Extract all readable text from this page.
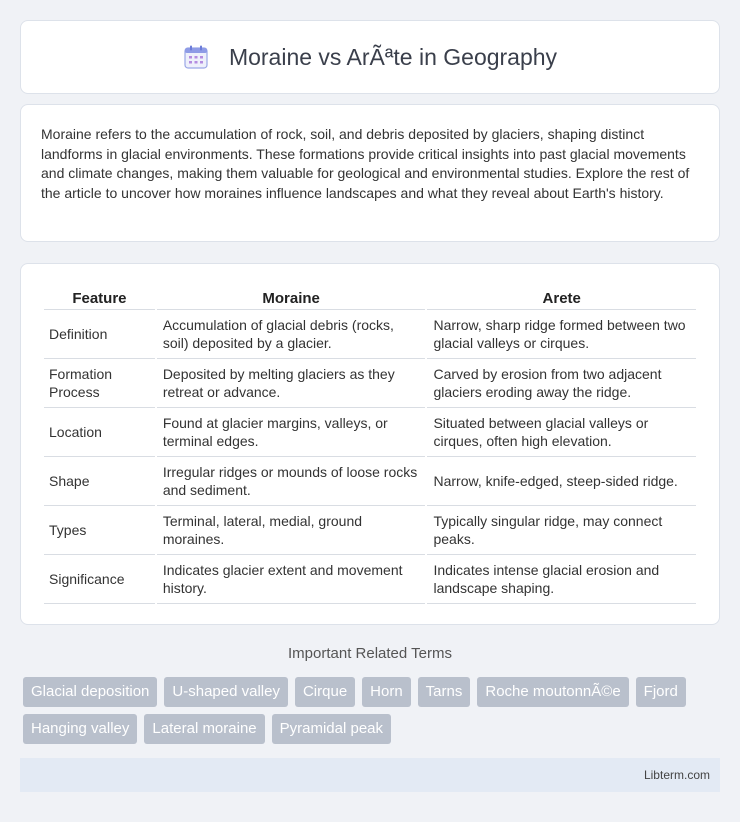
Moraine vs ArÃªte in Geography

Moraine refers to the accumulation of rock, soil, and debris deposited by glaciers, shaping distinct landforms in glacial environments. These formations provide critical insights into past glacial movements and climate changes, making them valuable for geological and environmental studies. Explore the rest of the article to uncover how moraines influence landscapes and what they reveal about Earth's history.

Feature	Moraine	Arete
Definition	Accumulation of glacial debris (rocks, soil) deposited by a glacier.	Narrow, sharp ridge formed between two glacial valleys or cirques.
Formation Process	Deposited by melting glaciers as they retreat or advance.	Carved by erosion from two adjacent glaciers eroding away the ridge.
Location	Found at glacier margins, valleys, or terminal edges.	Situated between glacial valleys or cirques, often high elevation.
Shape	Irregular ridges or mounds of loose rocks and sediment.	Narrow, knife-edged, steep-sided ridge.
Types	Terminal, lateral, medial, ground moraines.	Typically singular ridge, may connect peaks.
Significance	Indicates glacier extent and movement history.	Indicates intense glacial erosion and landscape shaping.
Important Related Terms
Glacial deposition	U-shaped valley	Cirque	Horn	Tarns	Roche moutonnÃ©e	Fjord
Hanging valley	Lateral moraine	Pyramidal peak
Libterm.com
